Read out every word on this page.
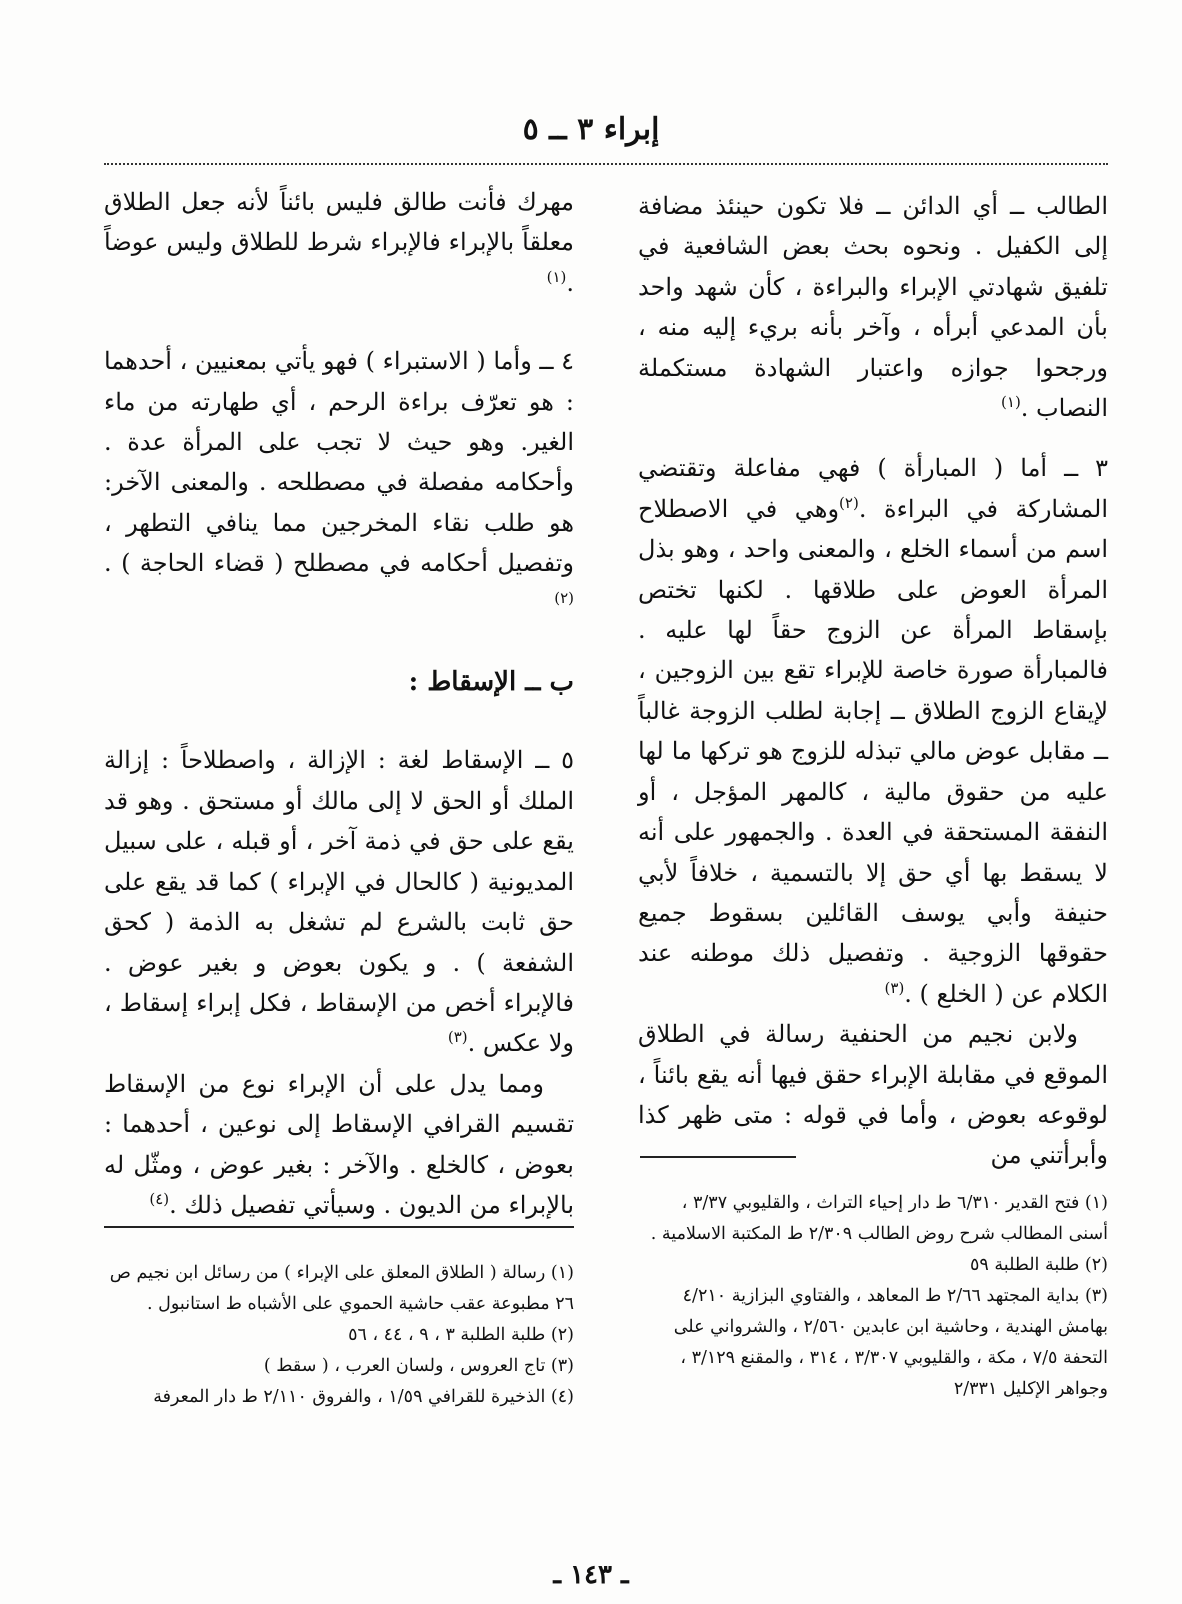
إبراء ٣ ــ ٥

الطالب ــ أي الدائن ــ فلا تكون حينئذ مضافة إلى الكفيل . ونحوه بحث بعض الشافعية في تلفيق شهادتي الإبراء والبراءة ، كأن شهد واحد بأن المدعي أبرأه ، وآخر بأنه بريء إليه منه ، ورجحوا جوازه واعتبار الشهادة مستكملة النصاب .$^{(١)}$

٣ ــ أما ( المبارأة ) فهي مفاعلة وتقتضي المشاركة في البراءة .$^{(٢)}$وهي في الاصطلاح اسم من أسماء الخلع ، والمعنى واحد ، وهو بذل المرأة العوض على طلاقها . لكنها تختص بإسقاط المرأة عن الزوج حقاً لها عليه . فالمبارأة صورة خاصة للإبراء تقع بين الزوجين ، لإيقاع الزوج الطلاق ــ إجابة لطلب الزوجة غالباً ــ مقابل عوض مالي تبذله للزوج هو تركها ما لها عليه من حقوق مالية ، كالمهر المؤجل ، أو النفقة المستحقة في العدة . والجمهور على أنه لا يسقط بها أي حق إلا بالتسمية ، خلافاً لأبي حنيفة وأبي يوسف القائلين بسقوط جميع حقوقها الزوجية . وتفصيل ذلك موطنه عند الكلام عن ( الخلع ) .$^{(٣)}$

ولابن نجيم من الحنفية رسالة في الطلاق الموقع في مقابلة الإبراء حقق فيها أنه يقع بائناً ، لوقوعه بعوض ، وأما في قوله : متى ظهر كذا وأبرأتني من

مهرك فأنت طالق فليس بائناً لأنه جعل الطلاق معلقاً بالإبراء فالإبراء شرط للطلاق وليس عوضاً .$^{(١)}$

٤ ــ وأما ( الاستبراء ) فهو يأتي بمعنيين ، أحدهما : هو تعرّف براءة الرحم ، أي طهارته من ماء الغير. وهو حيث لا تجب على المرأة عدة . وأحكامه مفصلة في مصطلحه . والمعنى الآخر: هو طلب نقاء المخرجين مما ينافي التطهر ، وتفصيل أحكامه في مصطلح ( قضاء الحاجة ) .$^{(٢)}$

ب ــ الإسقاط :

٥ ــ الإسقاط لغة : الإزالة ، واصطلاحاً : إزالة الملك أو الحق لا إلى مالك أو مستحق . وهو قد يقع على حق في ذمة آخر ، أو قبله ، على سبيل المديونية ( كالحال في الإبراء ) كما قد يقع على حق ثابت بالشرع لم تشغل به الذمة ( كحق الشفعة ) . و يكون بعوض و بغير عوض . فالإبراء أخص من الإسقاط ، فكل إبراء إسقاط ، ولا عكس .$^{(٣)}$

ومما يدل على أن الإبراء نوع من الإسقاط تقسيم القرافي الإسقاط إلى نوعين ، أحدهما : بعوض ، كالخلع . والآخر : بغير عوض ، ومثّل له بالإبراء من الديون . وسيأتي تفصيل ذلك .$^{(٤)}$	(١) فتح القدير ٦/٣١٠ ط دار إحياء التراث ، والقليوبي ٣/٣٧ ، أسنى المطالب شرح روض الطالب ٢/٣٠٩ ط المكتبة الاسلامية .

(٢) طلبة الطلبة ٥٩

(٣) بداية المجتهد ٢/٦٦ ط المعاهد ، والفتاوي البزازية ٤/٢١٠ بهامش الهندية ، وحاشية ابن عابدين ٢/٥٦٠ ، والشرواني على التحفة ٧/٥ ، مكة ، والقليوبي ٣/٣٠٧ ، ٣١٤ ، والمقنع ٣/١٢٩ ، وجواهر الإكليل ٢/٣٣١

(١) رسالة ( الطلاق المعلق على الإبراء ) من رسائل ابن نجيم ص ٢٦ مطبوعة عقب حاشية الحموي على الأشباه ط استانبول .

(٢) طلبة الطلبة ٣ ، ٩ ، ٤٤ ، ٥٦

(٣) تاج العروس ، ولسان العرب ، ( سقط )

(٤) الذخيرة للقرافي ١/٥٩ ، والفروق ٢/١١٠ ط دار المعرفة

ـ ١٤٣ ـ
